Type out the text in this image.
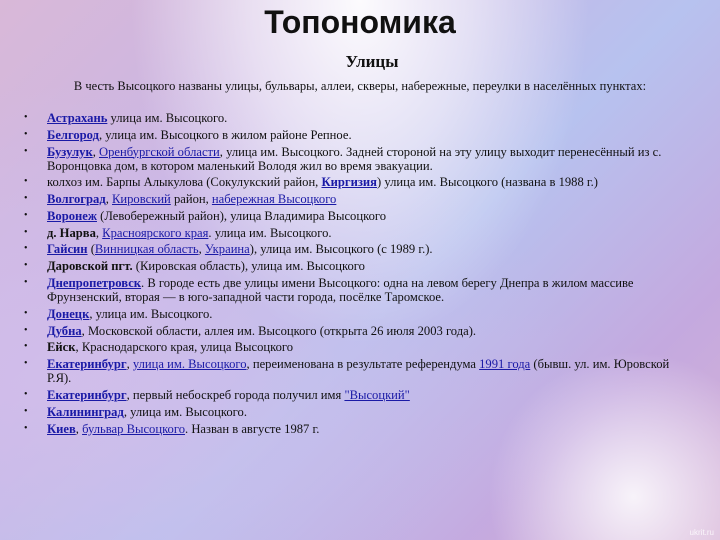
Топономика
Улицы
В честь Высоцкого названы улицы, бульвары, аллеи, скверы, набережные, переулки в населённых пунктах:
• Астрахань улица им. Высоцкого.
• Белгород, улица им. Высоцкого в жилом районе Репное.
• Бузулук, Оренбургской области, улица им. Высоцкого. Задней стороной на эту улицу выходит перенесённый из с. Воронцовка дом, в котором маленький Володя жил во время эвакуации.
• колхоз им. Барпы Алыкулова (Сокулукский район, Киргизия) улица им. Высоцкого (названа в 1988 г.)
• Волгоград, Кировский район, набережная Высоцкого
• Воронеж (Левобережный район), улица Владимира Высоцкого
• д. Нарва, Красноярского края. улица им. Высоцкого.
• Гайсин (Винницкая область, Украина), улица им. Высоцкого (с 1989 г.).
• Даровской пгт. (Кировская область), улица им. Высоцкого
• Днепропетровск. В городе есть две улицы имени Высоцкого: одна на левом берегу Днепра в жилом массиве Фрунзенский, вторая — в юго-западной части города, посёлке Таромское.
• Донецк, улица им. Высоцкого.
• Дубна, Московской области, аллея им. Высоцкого (открыта 26 июля 2003 года).
• Ейск, Краснодарского края, улица Высоцкого
• Екатеринбург, улица им. Высоцкого, переименована в результате референдума 1991 года (бывш. ул. им. Юровской Р.Я).
• Екатеринбург, первый небоскреб города получил имя "Высоцкий"
• Калининград, улица им. Высоцкого.
• Киев, бульвар Высоцкого. Назван в августе 1987 г.
ukrit.ru
